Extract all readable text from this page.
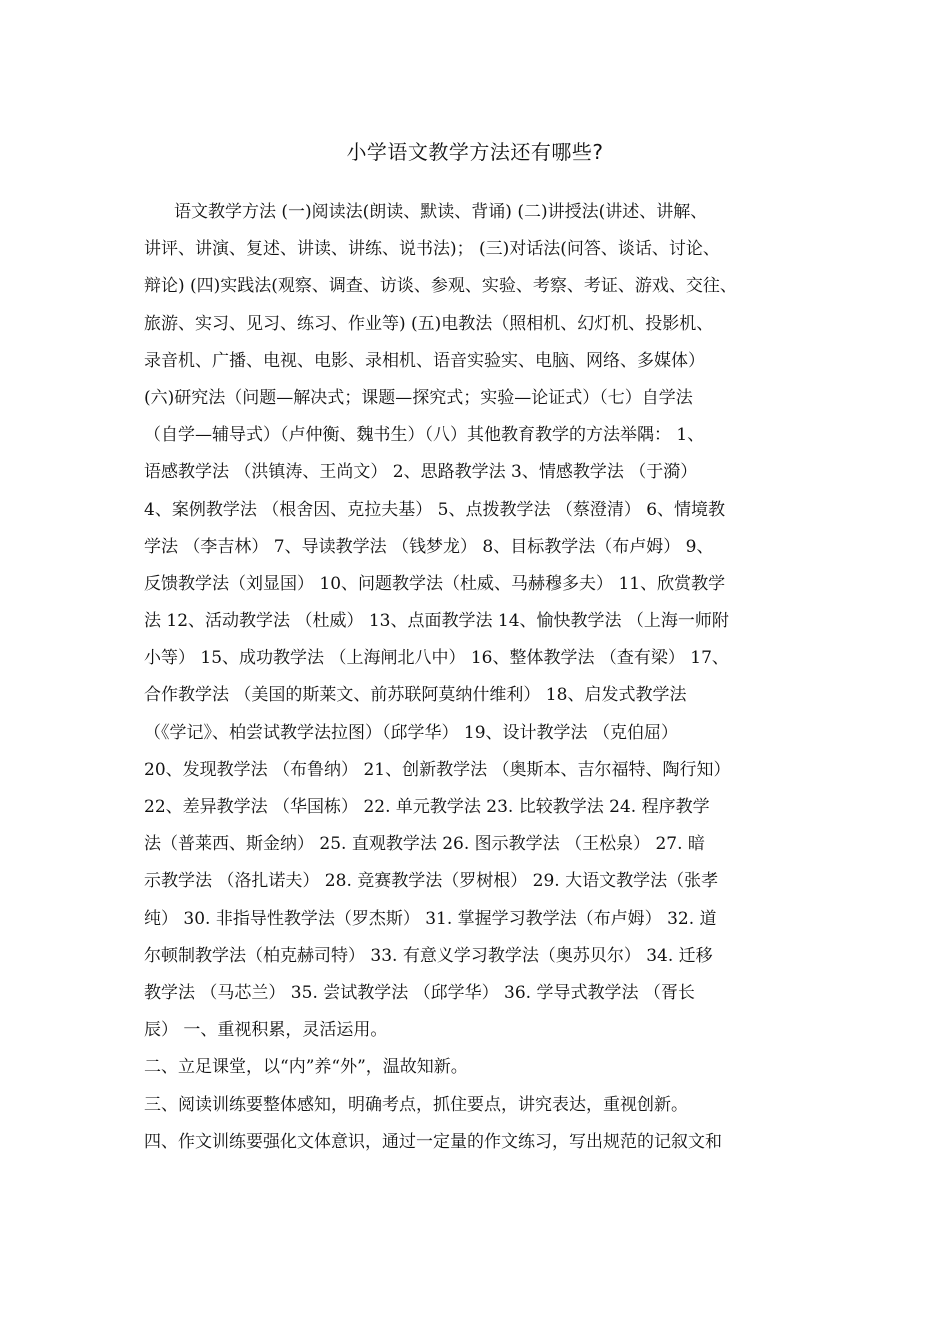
小学语文教学方法还有哪些?
语文教学方法 (一)阅读法(朗读、默读、背诵) (二)讲授法(讲述、讲解、
讲评、讲演、复述、讲读、讲练、说书法)； (三)对话法(问答、谈话、讨论、
辩论) (四)实践法(观察、调查、访谈、参观、实验、考察、考证、游戏、交往、
旅游、实习、见习、练习、作业等) (五)电教法（照相机、幻灯机、投影机、
录音机、广播、电视、电影、录相机、语音实验实、电脑、网络、多媒体）
(六)研究法（问题—解决式；课题—探究式；实验—论证式）（七）自学法
（自学—辅导式）（卢仲衡、魏书生）（八）其他教育教学的方法举隅： 1、
语感教学法 （洪镇涛、王尚文） 2、思路教学法 3、情感教学法 （于漪）
4、案例教学法 （根舍因、克拉夫基） 5、点拨教学法 （蔡澄清） 6、情境教
学法 （李吉林） 7、导读教学法 （钱梦龙） 8、目标教学法（布卢姆） 9、
反馈教学法（刘显国） 10、问题教学法（杜威、马赫穆多夫） 11、欣赏教学
法 12、活动教学法 （杜威） 13、点面教学法 14、愉快教学法 （上海一师附
小等） 15、成功教学法 （上海闸北八中） 16、整体教学法 （查有梁） 17、
合作教学法 （美国的斯莱文、前苏联阿莫纳什维利） 18、启发式教学法
（《学记》、柏尝试教学法拉图）（邱学华） 19、设计教学法 （克伯屈）
20、发现教学法 （布鲁纳） 21、创新教学法 （奥斯本、吉尔福特、陶行知）
22、差异教学法 （华国栋） 22. 单元教学法 23. 比较教学法 24. 程序教学
法（普莱西、斯金纳） 25. 直观教学法 26. 图示教学法 （王松泉） 27. 暗
示教学法 （洛扎诺夫） 28. 竞赛教学法（罗树根） 29. 大语文教学法（张孝
纯） 30. 非指导性教学法（罗杰斯） 31. 掌握学习教学法（布卢姆） 32. 道
尔顿制教学法（柏克赫司特） 33. 有意义学习教学法（奥苏贝尔） 34. 迁移
教学法 （马芯兰） 35. 尝试教学法 （邱学华） 36. 学导式教学法 （胥长
辰） 一、重视积累，灵活运用。
二、立足课堂，以“内”养“外”，温故知新。
三、阅读训练要整体感知，明确考点，抓住要点，讲究表达，重视创新。
四、作文训练要强化文体意识，通过一定量的作文练习，写出规范的记叙文和
